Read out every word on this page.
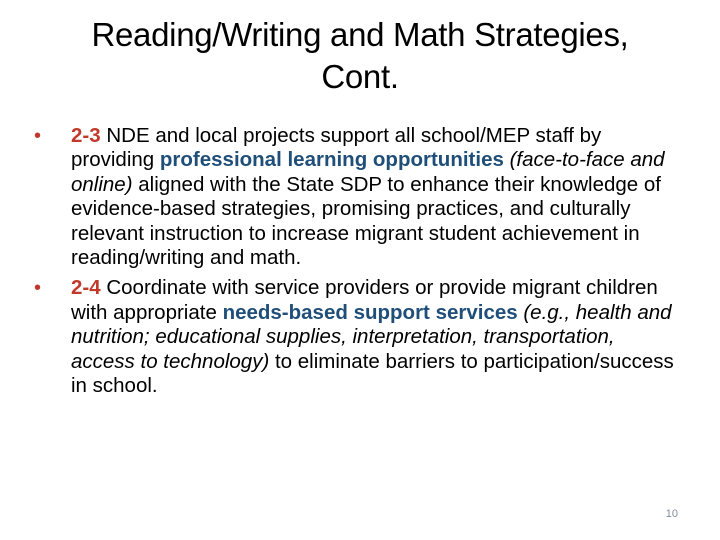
Reading/Writing and Math Strategies,
Cont.
• 2-3 NDE and local projects support all school/MEP staff by providing professional learning opportunities (face-to-face and online) aligned with the State SDP to enhance their knowledge of evidence-based strategies, promising practices, and culturally relevant instruction to increase migrant student achievement in reading/writing and math.
• 2-4 Coordinate with service providers or provide migrant children with appropriate needs-based support services (e.g., health and nutrition; educational supplies, interpretation, transportation, access to technology) to eliminate barriers to participation/success in school.
10
